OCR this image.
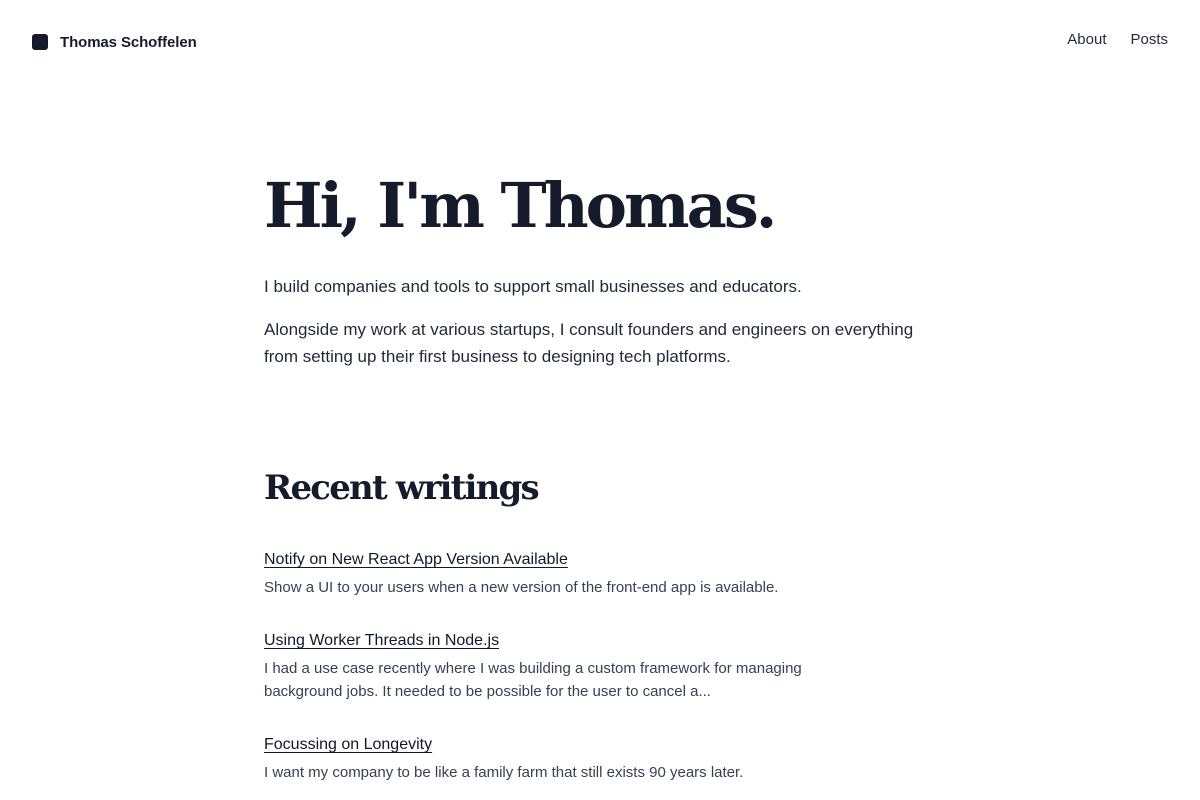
Thomas Schoffelen	About Posts
Hi, I'm Thomas.

I build companies and tools to support small businesses and educators.

Alongside my work at various startups, I consult founders and engineers on everything from setting up their first business to designing tech platforms.

Recent writings
Notify on New React App Version Available

Show a UI to your users when a new version of the front-end app is available.

Using Worker Threads in Node.js

I had a use case recently where I was building a custom framework for managing background jobs. It needed to be possible for the user to cancel a...

Focussing on Longevity

I want my company to be like a family farm that still exists 90 years later.
